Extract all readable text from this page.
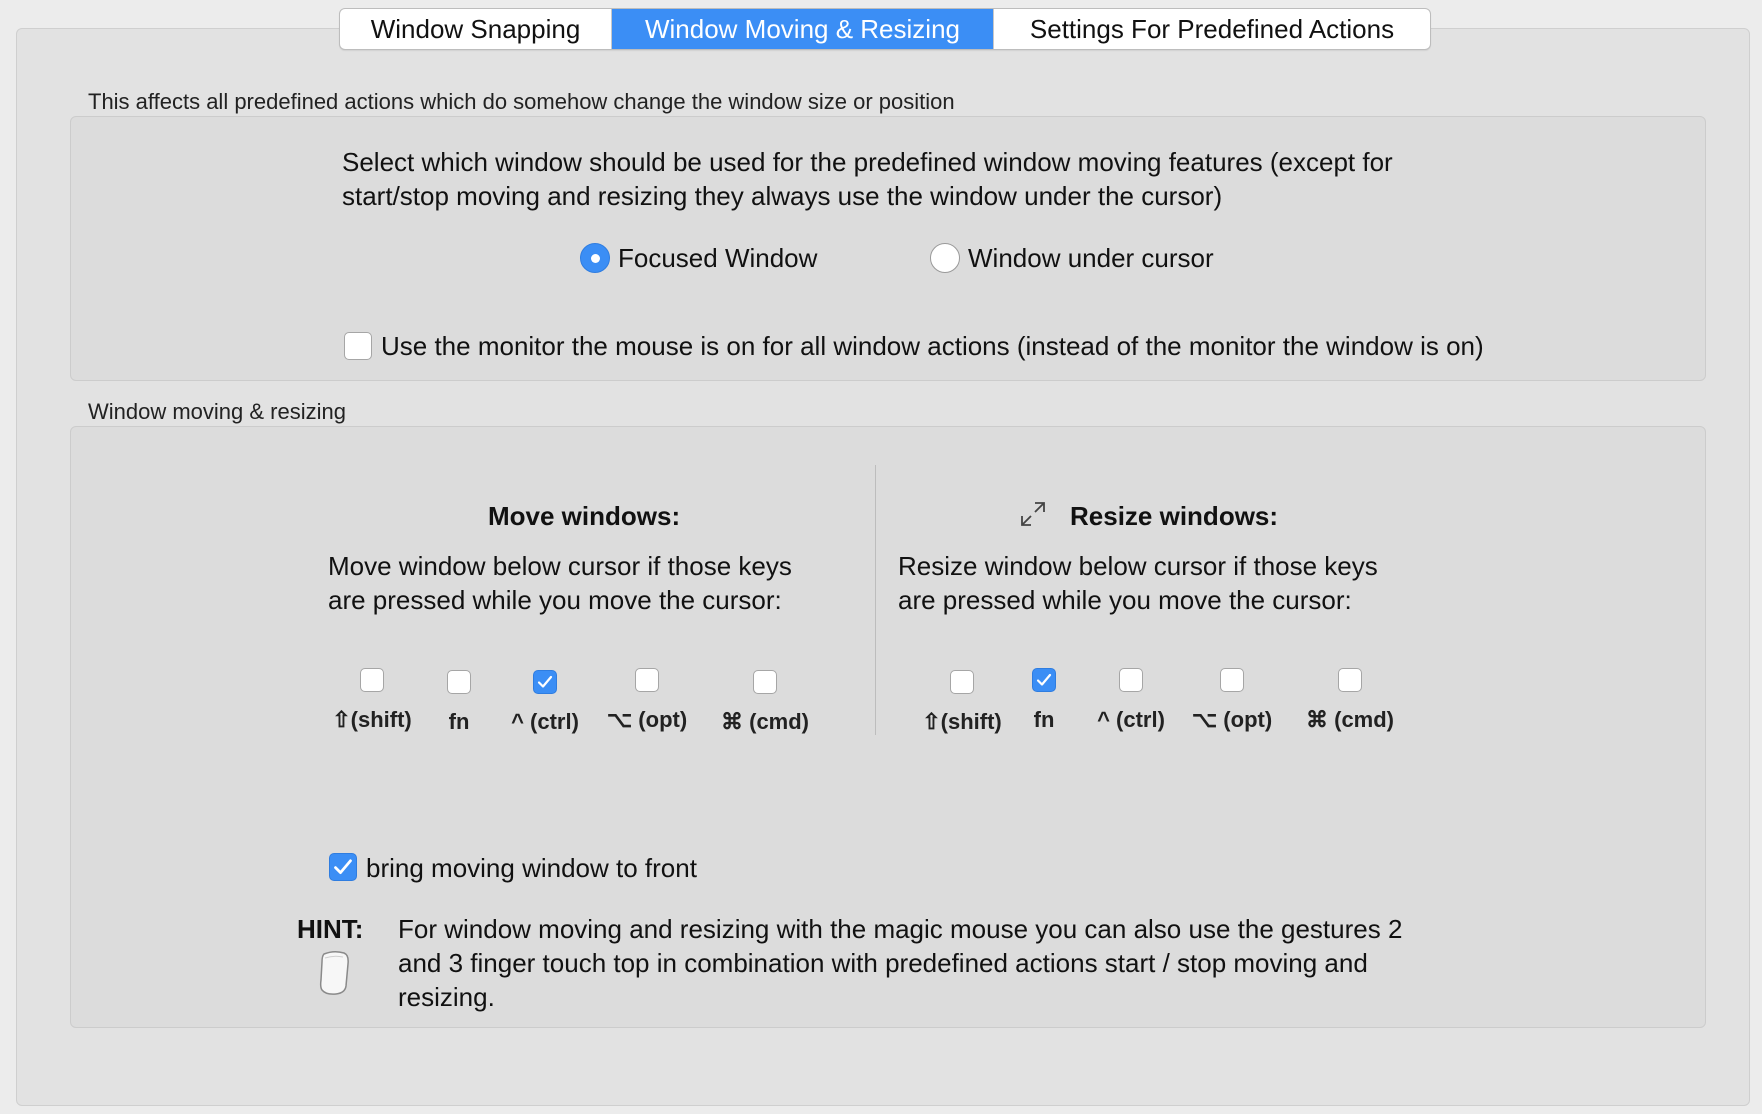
Window Snapping	Window Moving & Resizing	Settings For Predefined Actions
This affects all predefined actions which do somehow change the window size or position
Select which window should be used for the predefined window moving features (except for
start/stop moving and resizing they always use the window under the cursor)
Focused Window	Window under cursor
Use the monitor the mouse is on for all window actions (instead of the monitor the window is on)
Window moving & resizing
Move windows:
Move window below cursor if those keys
are pressed while you move the cursor:
⇧(shift) fn ^ (ctrl) ⌥ (opt) ⌘ (cmd)
Resize windows:
Resize window below cursor if those keys
are pressed while you move the cursor:
⇧(shift) fn ^ (ctrl) ⌥ (opt) ⌘ (cmd)
bring moving window to front
HINT: For window moving and resizing with the magic mouse you can also use the gestures 2
and 3 finger touch top in combination with predefined actions start / stop moving and
resizing.
